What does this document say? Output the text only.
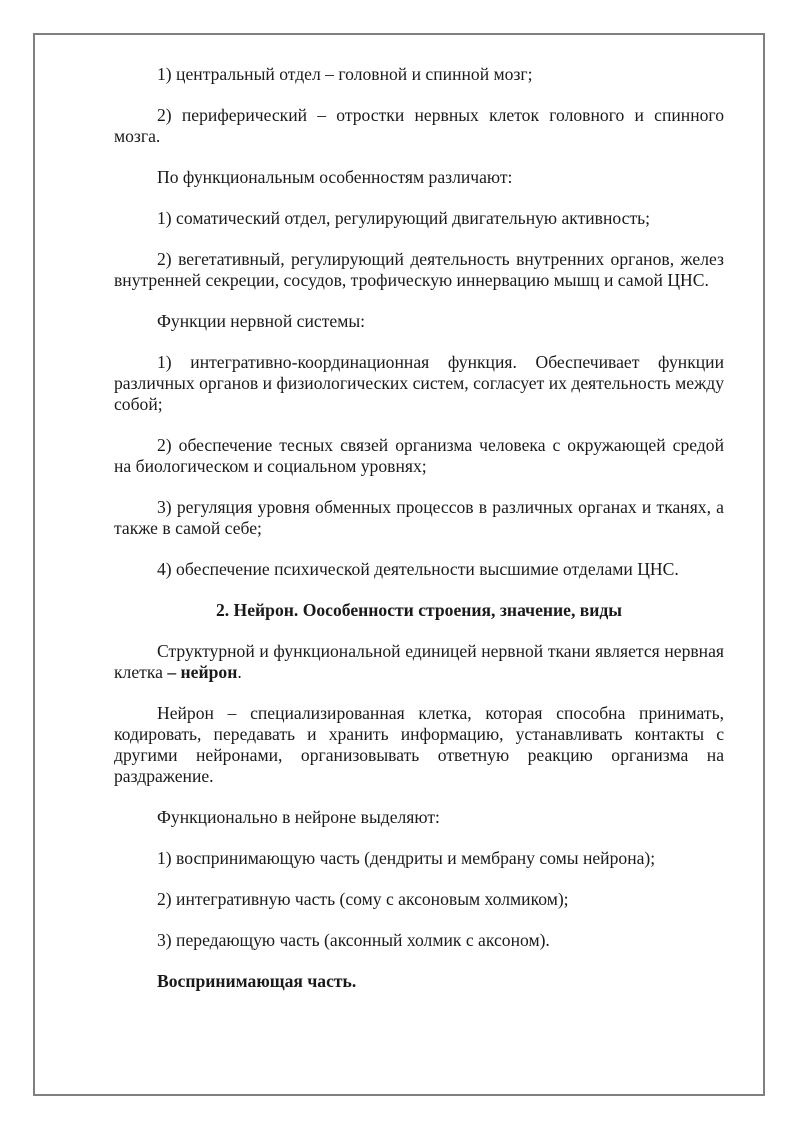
1) центральный отдел – головной и спинной мозг;

2) периферический – отростки нервных клеток головного и спинного мозга.

По функциональным особенностям различают:

1) соматический отдел, регулирующий двигательную активность;

2) вегетативный, регулирующий деятельность внутренних органов, желез внутренней секреции, сосудов, трофическую иннервацию мышц и самой ЦНС.

Функции нервной системы:

1) интегративно-координационная функция. Обеспечивает функции различных органов и физиологических систем, согласует их деятельность между собой;

2) обеспечение тесных связей организма человека с окружающей средой на биологическом и социальном уровнях;

3) регуляция уровня обменных процессов в различных органах и тканях, а также в самой себе;

4) обеспечение психической деятельности высшимие отделами ЦНС.

2. Нейрон. Оособенности строения, значение, виды

Структурной и функциональной единицей нервной ткани является нервная клетка – нейрон.

Нейрон – специализированная клетка, которая способна принимать, кодировать, передавать и хранить информацию, устанавливать контакты с другими нейронами, организовывать ответную реакцию организма на раздражение.

Функционально в нейроне выделяют:

1) воспринимающую часть (дендриты и мембрану сомы нейрона);

2) интегративную часть (сому с аксоновым холмиком);

3) передающую часть (аксонный холмик с аксоном).

Воспринимающая часть.
